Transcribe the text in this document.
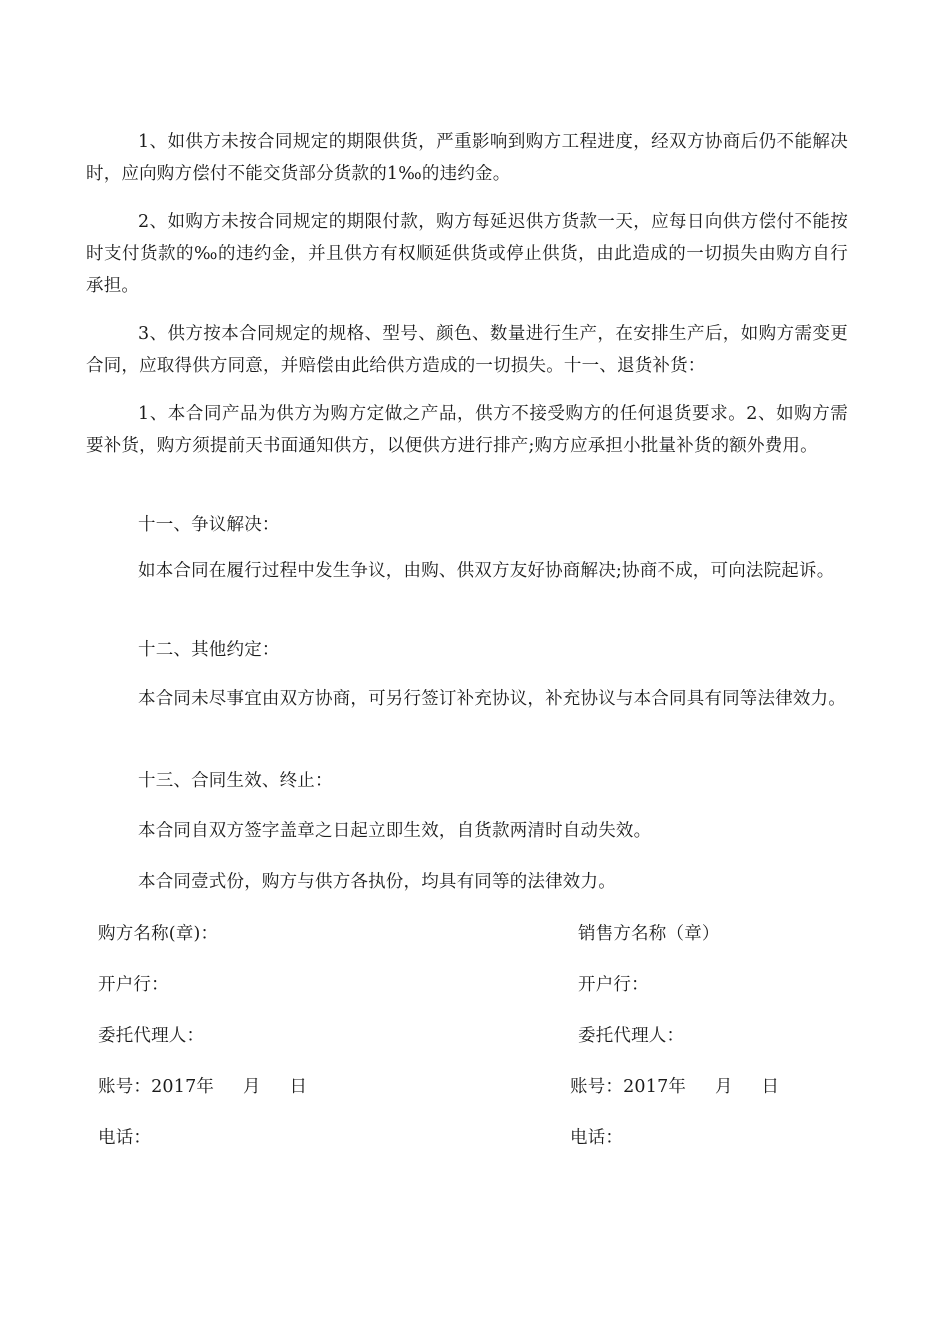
1、如供方未按合同规定的期限供货，严重影响到购方工程进度，经双方协商后仍不能解决时，应向购方偿付不能交货部分货款的1‰的违约金。

2、如购方未按合同规定的期限付款，购方每延迟供方货款一天，应每日向供方偿付不能按时支付货款的‰的违约金，并且供方有权顺延供货或停止供货，由此造成的一切损失由购方自行承担。

3、供方按本合同规定的规格、型号、颜色、数量进行生产，在安排生产后，如购方需变更合同，应取得供方同意，并赔偿由此给供方造成的一切损失。十一、退货补货：

1、本合同产品为供方为购方定做之产品，供方不接受购方的任何退货要求。2、如购方需要补货，购方须提前天书面通知供方，以便供方进行排产;购方应承担小批量补货的额外费用。

十一、争议解决：

如本合同在履行过程中发生争议，由购、供双方友好协商解决;协商不成，可向法院起诉。

十二、其他约定：

本合同未尽事宜由双方协商，可另行签订补充协议，补充协议与本合同具有同等法律效力。

十三、合同生效、终止：

本合同自双方签字盖章之日起立即生效，自货款两清时自动失效。

本合同壹式份，购方与供方各执份，均具有同等的法律效力。

购方名称(章)：	销售方名称（章）
开户行：	开户行：
委托代理人：	委托代理人：
账号：2017年     月     日	账号：2017年     月     日
电话：	电话：
